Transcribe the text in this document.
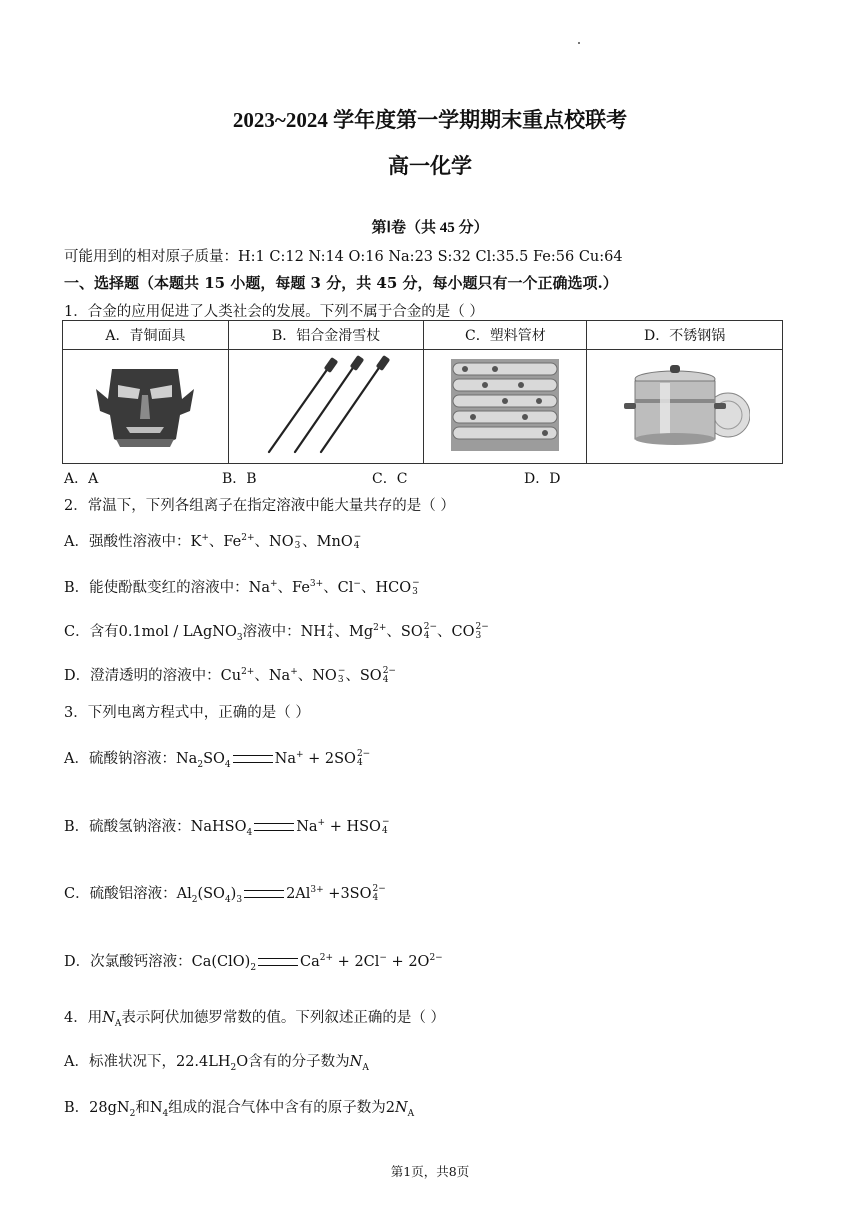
2023~2024 学年度第一学期期末重点校联考
高一化学
第Ⅰ卷（共 45 分）
可能用到的相对原子质量：H:1 C:12 N:14 O:16 Na:23 S:32 Cl:35.5 Fe:56 Cu:64
一、选择题（本题共 15 小题，每题 3 分，共 45 分，每小题只有一个正确选项.）
1．合金的应用促进了人类社会的发展。下列不属于合金的是（ ）
A．青铜面具	B．铝合金滑雪杖	C．塑料管材	D．不锈钢锅

A．A	B．B	C．C	D．D
2．常温下，下列各组离子在指定溶液中能大量共存的是（ ）
A．强酸性溶液中：K+、$Fe^{2+}$、NO −
3 、MnO −
4
B．能使酚酞变红的溶液中：Na+、$Fe^{3+}$、Cl−、HCO −
3
C．含有0.1mol / LAgNO$_3$溶液中：NH +
4 、$Mg^{2+}$、SO 2−
4 、CO 2−
3
D．澄清透明的溶液中：$Cu^{2+}$、Na+、NO −
3 、SO 2−
4
3．下列电离方程式中，正确的是（ ）
A．硫酸钠溶液：$Na_2SO_4$	Na+ + 2SO 2−
4
B．硫酸氢钠溶液：NaHSO$_4$	Na+ + HSO −
4
C．硫酸铝溶液：$Al_2(SO_4)_3$	$2Al^{3+} +3SO$ 2−
4
D．次氯酸钙溶液：$Ca(ClO)_2$	$Ca^{2+} + 2Cl^- + 2O^{2-}$
4．用$N_A$表示阿伏加德罗常数的值。下列叙述正确的是（ ）
A．标准状况下，$22.4LH_2O$含有的分子数为$N_A$
B．$28gN_2$和$N_4$组成的混合气体中含有的原子数为$2N_A$
第1页，共8页
